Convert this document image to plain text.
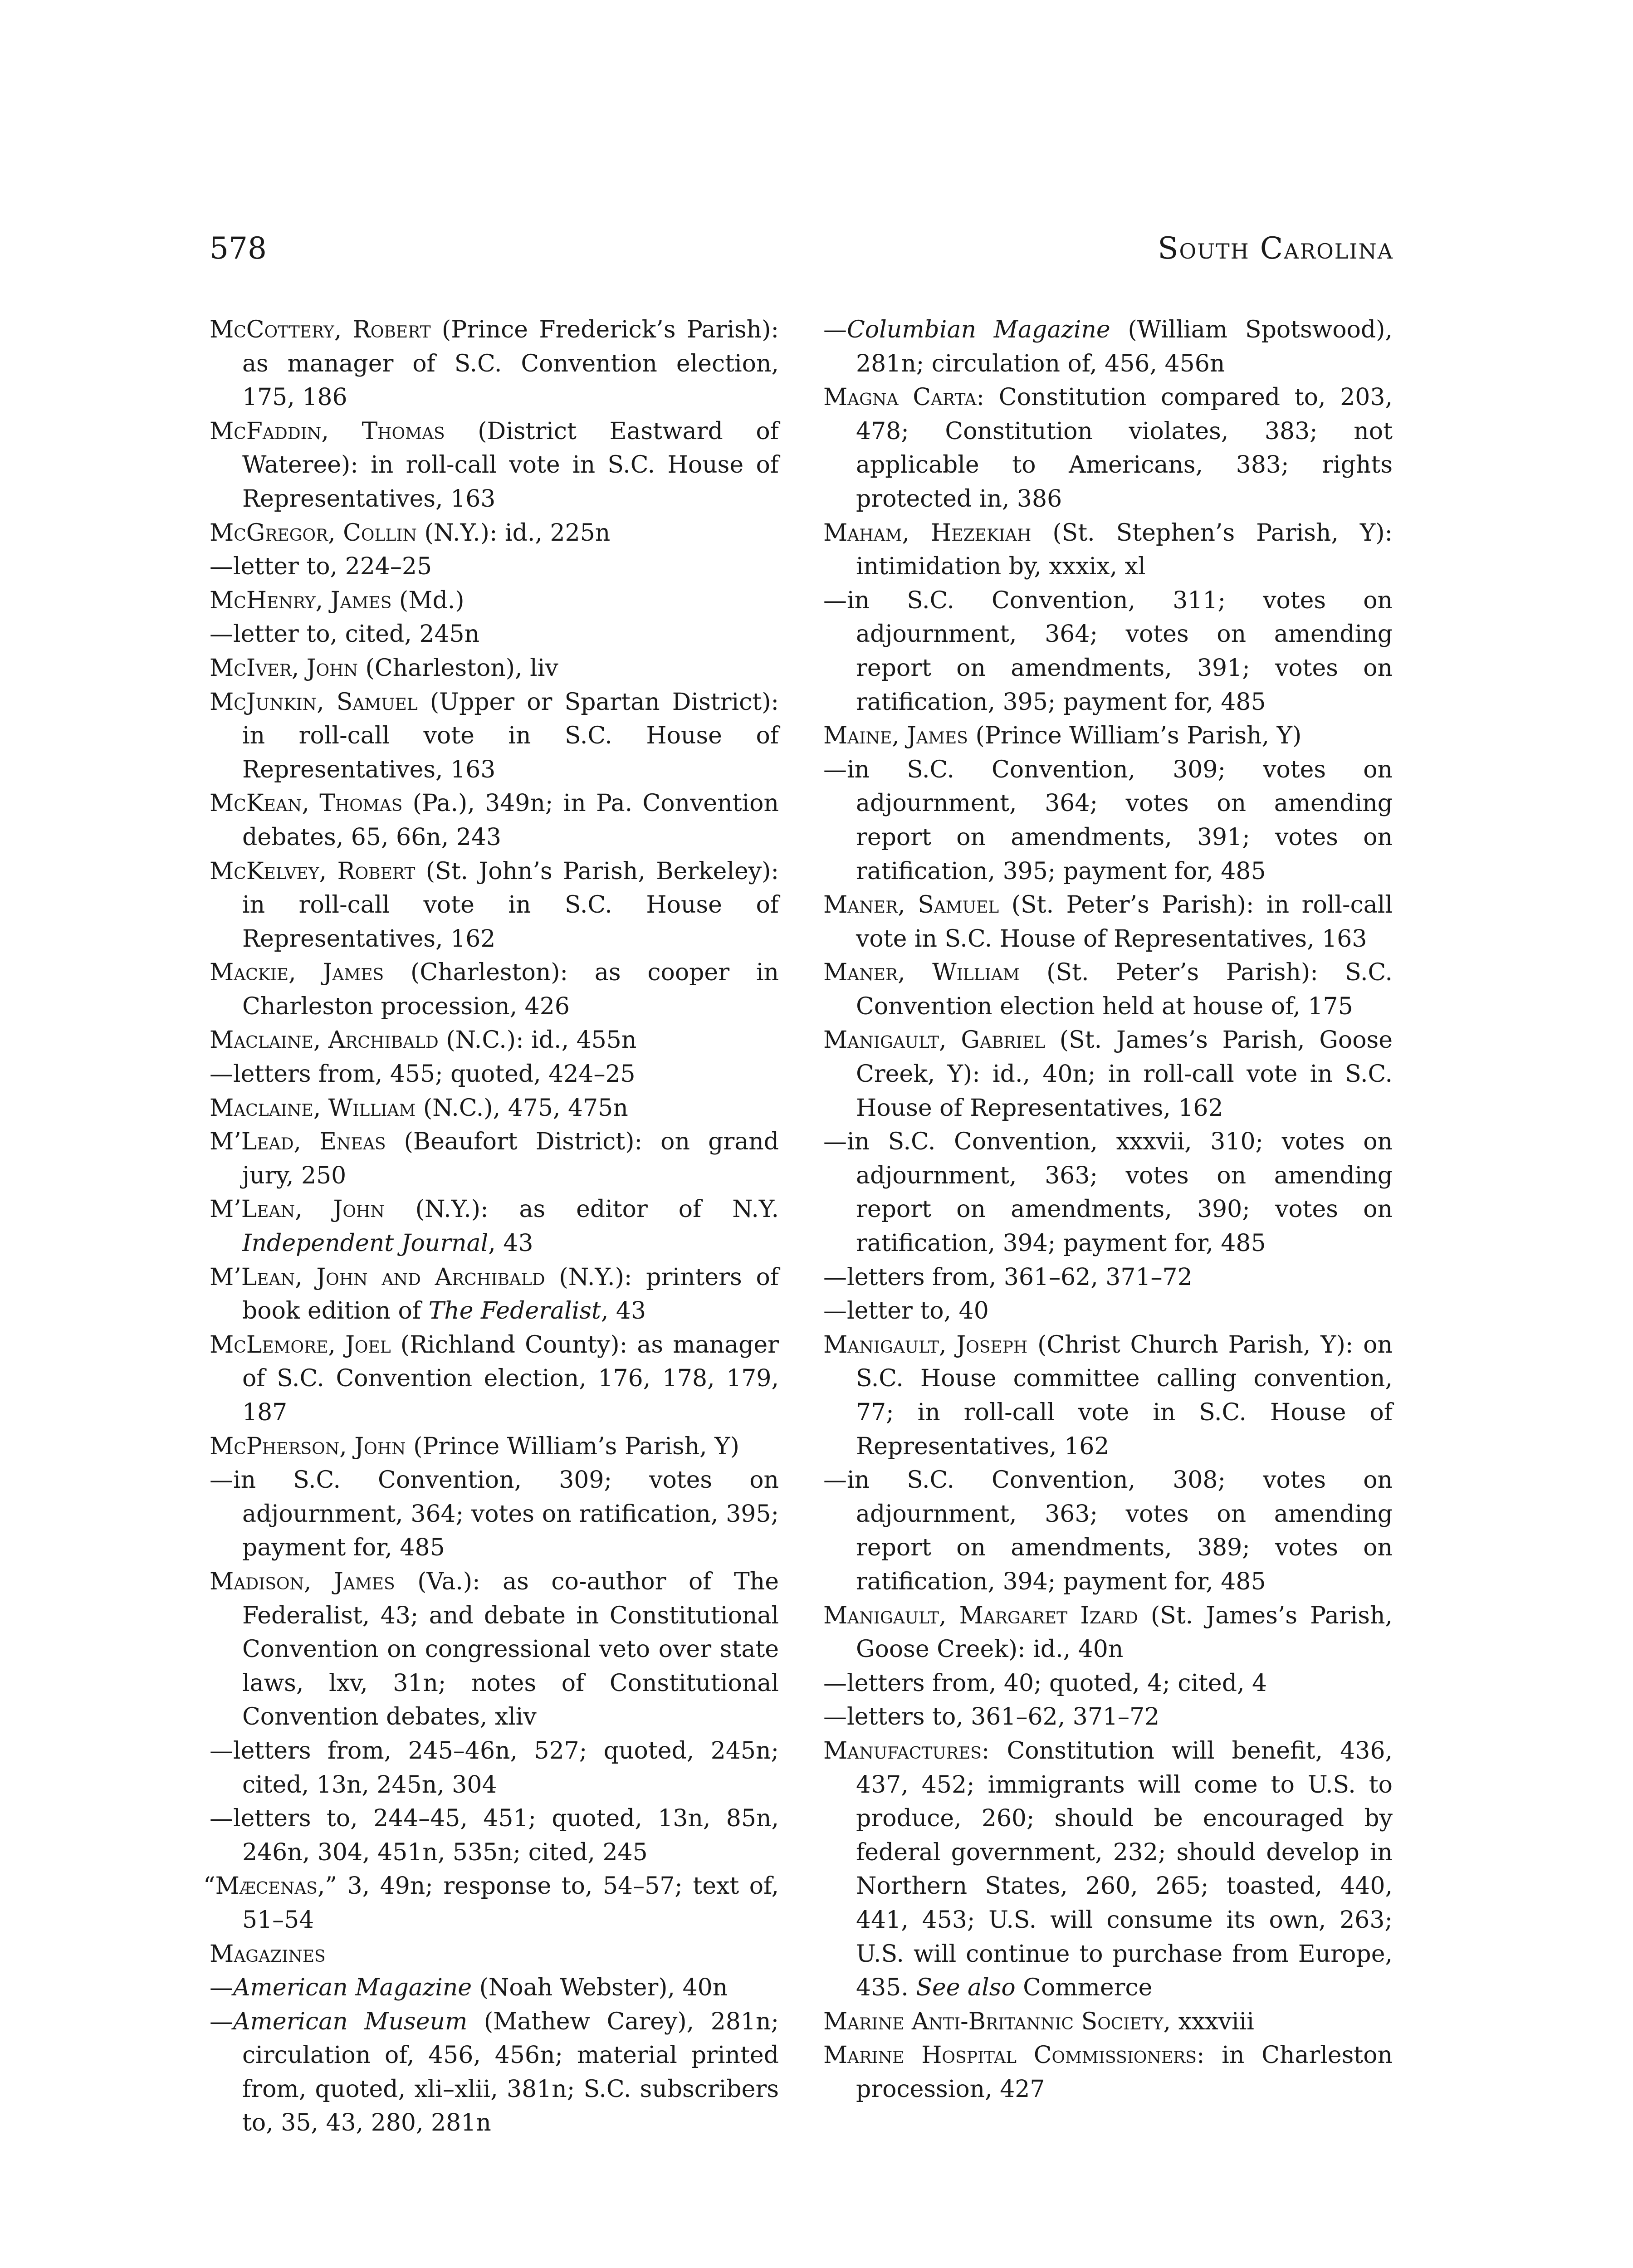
578	South Carolina

McCottery, Robert (Prince Frederick’s Parish): as manager of S.C. Convention election, 175, 186

McFaddin, Thomas (District Eastward of Wateree): in roll-call vote in S.C. House of Representatives, 163

McGregor, Collin (N.Y.): id., 225n

—letter to, 224–25

McHenry, James (Md.)

—letter to, cited, 245n

McIver, John (Charleston), liv

McJunkin, Samuel (Upper or Spartan District): in roll-call vote in S.C. House of Representatives, 163

McKean, Thomas (Pa.), 349n; in Pa. Convention debates, 65, 66n, 243

McKelvey, Robert (St. John’s Parish, Berkeley): in roll-call vote in S.C. House of Representatives, 162

Mackie, James (Charleston): as cooper in Charleston procession, 426

Maclaine, Archibald (N.C.): id., 455n

—letters from, 455; quoted, 424–25

Maclaine, William (N.C.), 475, 475n

M’Lead, Eneas (Beaufort District): on grand jury, 250

M’Lean, John (N.Y.): as editor of N.Y. Independent Journal, 43

M’Lean, John and Archibald (N.Y.): printers of book edition of The Federalist, 43

McLemore, Joel (Richland County): as manager of S.C. Convention election, 176, 178, 179, 187

McPherson, John (Prince William’s Parish, Y)

—in S.C. Convention, 309; votes on adjournment, 364; votes on ratification, 395; payment for, 485

Madison, James (Va.): as co-author of The Federalist, 43; and debate in Constitutional Convention on congressional veto over state laws, lxv, 31n; notes of Constitutional Convention debates, xliv

—letters from, 245–46n, 527; quoted, 245n; cited, 13n, 245n, 304

—letters to, 244–45, 451; quoted, 13n, 85n, 246n, 304, 451n, 535n; cited, 245

“Mæcenas,” 3, 49n; response to, 54–57; text of, 51–54

Magazines

—American Magazine (Noah Webster), 40n

—American Museum (Mathew Carey), 281n; circulation of, 456, 456n; material printed from, quoted, xli–xlii, 381n; S.C. subscribers to, 35, 43, 280, 281n

—Columbian Magazine (William Spotswood), 281n; circulation of, 456, 456n

Magna Carta: Constitution compared to, 203, 478; Constitution violates, 383; not applicable to Americans, 383; rights protected in, 386

Maham, Hezekiah (St. Stephen’s Parish, Y): intimidation by, xxxix, xl

—in S.C. Convention, 311; votes on adjournment, 364; votes on amending report on amendments, 391; votes on ratification, 395; payment for, 485

Maine, James (Prince William’s Parish, Y)

—in S.C. Convention, 309; votes on adjournment, 364; votes on amending report on amendments, 391; votes on ratification, 395; payment for, 485

Maner, Samuel (St. Peter’s Parish): in roll-call vote in S.C. House of Representatives, 163

Maner, William (St. Peter’s Parish): S.C. Convention election held at house of, 175

Manigault, Gabriel (St. James’s Parish, Goose Creek, Y): id., 40n; in roll-call vote in S.C. House of Representatives, 162

—in S.C. Convention, xxxvii, 310; votes on adjournment, 363; votes on amending report on amendments, 390; votes on ratification, 394; payment for, 485

—letters from, 361–62, 371–72

—letter to, 40

Manigault, Joseph (Christ Church Parish, Y): on S.C. House committee calling convention, 77; in roll-call vote in S.C. House of Representatives, 162

—in S.C. Convention, 308; votes on adjournment, 363; votes on amending report on amendments, 389; votes on ratification, 394; payment for, 485

Manigault, Margaret Izard (St. James’s Parish, Goose Creek): id., 40n

—letters from, 40; quoted, 4; cited, 4

—letters to, 361–62, 371–72

Manufactures: Constitution will benefit, 436, 437, 452; immigrants will come to U.S. to produce, 260; should be encouraged by federal government, 232; should develop in Northern States, 260, 265; toasted, 440, 441, 453; U.S. will consume its own, 263; U.S. will continue to purchase from Europe, 435. See also Commerce

Marine Anti-Britannic Society, xxxviii

Marine Hospital Commissioners: in Charleston procession, 427
